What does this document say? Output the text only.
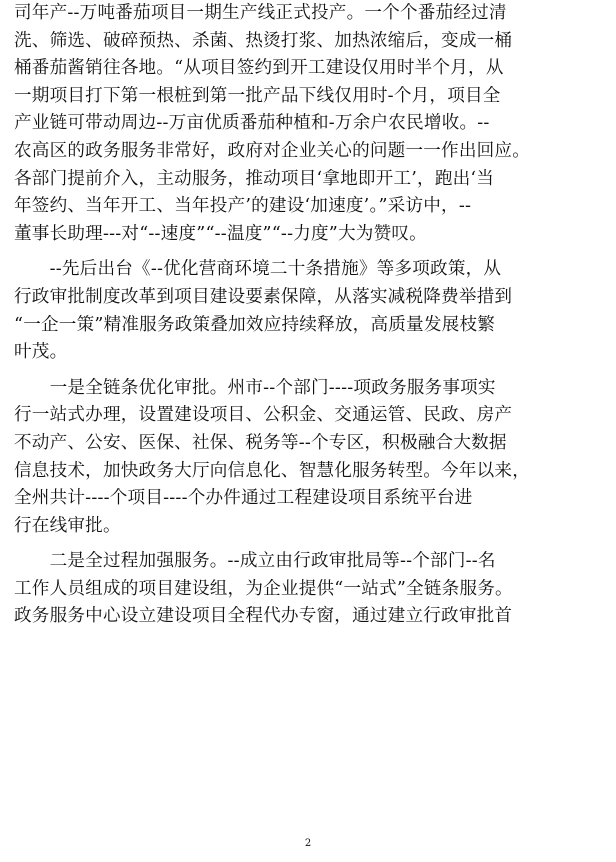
司年产--万吨番茄项目一期生产线正式投产。一个个番茄经过清
洗、筛选、破碎预热、杀菌、热烫打浆、加热浓缩后，变成一桶
桶番茄酱销往各地。“从项目签约到开工建设仅用时半个月，从
一期项目打下第一根桩到第一批产品下线仅用时-个月，项目全
产业链可带动周边--万亩优质番茄种植和-万余户农民增收。--
农高区的政务服务非常好，政府对企业关心的问题一一作出回应。
各部门提前介入，主动服务，推动项目‘拿地即开工’，跑出‘当
年签约、当年开工、当年投产’的建设‘加速度’。”采访中，--
董事长助理---对“--速度”“--温度”“--力度”大为赞叹。
　　--先后出台《--优化营商环境二十条措施》等多项政策，从
行政审批制度改革到项目建设要素保障，从落实减税降费举措到
“一企一策”精准服务政策叠加效应持续释放，高质量发展枝繁
叶茂。
　　一是全链条优化审批。州市--个部门----项政务服务事项实
行一站式办理，设置建设项目、公积金、交通运管、民政、房产
不动产、公安、医保、社保、税务等--个专区，积极融合大数据
信息技术，加快政务大厅向信息化、智慧化服务转型。今年以来，
全州共计----个项目----个办件通过工程建设项目系统平台进
行在线审批。
　　二是全过程加强服务。--成立由行政审批局等--个部门--名
工作人员组成的项目建设组，为企业提供“一站式”全链条服务。
政务服务中心设立建设项目全程代办专窗，通过建立行政审批首
2
